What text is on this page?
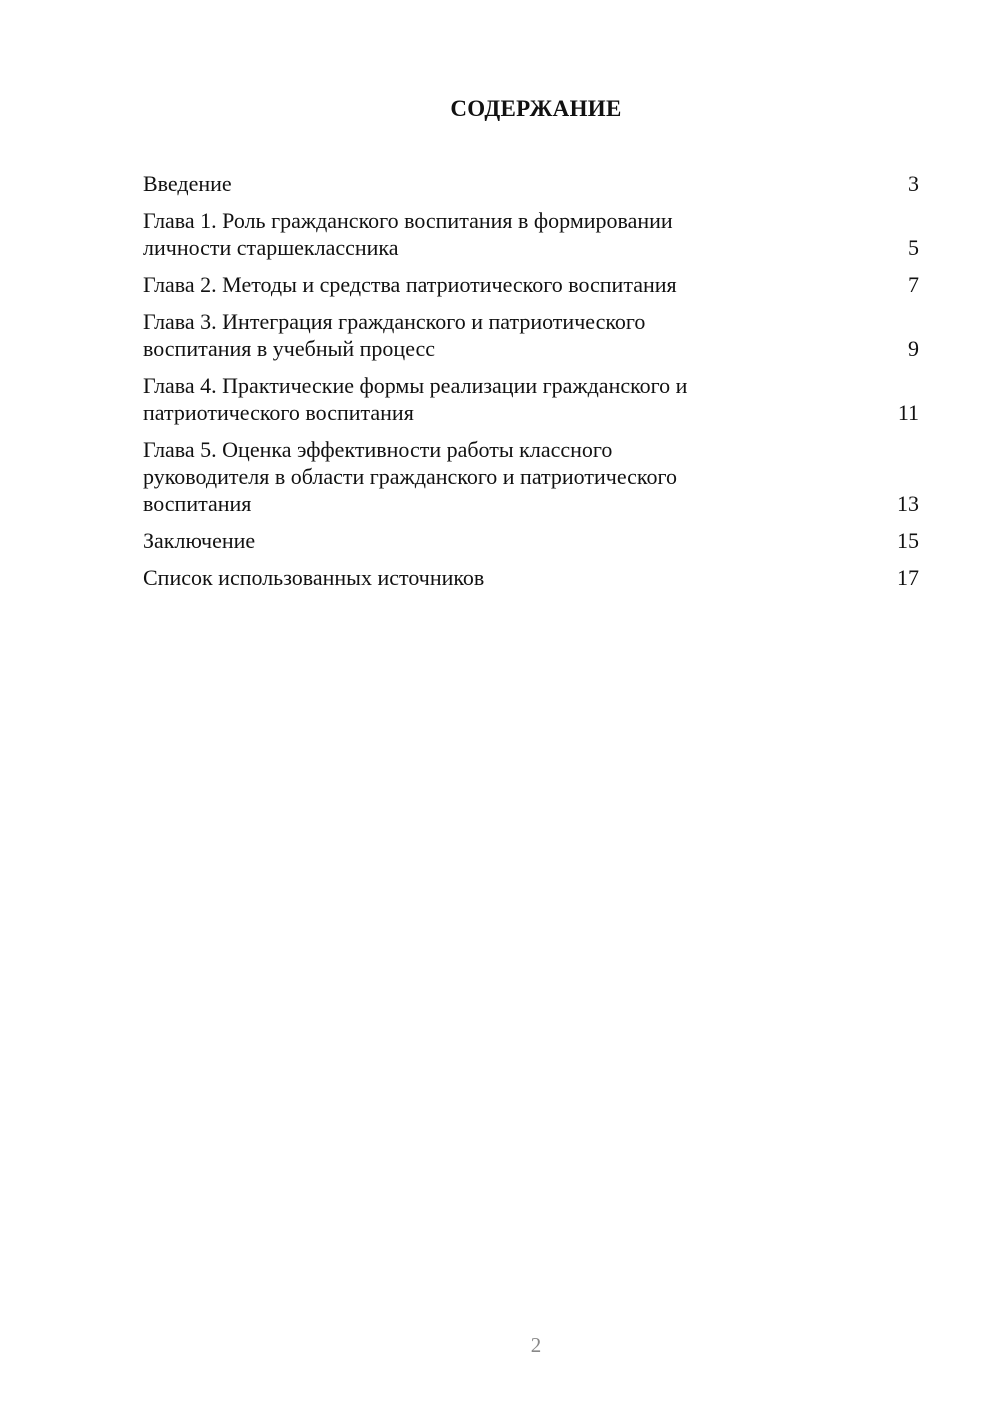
СОДЕРЖАНИЕ
Введение	3
Глава 1. Роль гражданского воспитания в формировании
личности старшеклассника	5
Глава 2. Методы и средства патриотического воспитания	7
Глава 3. Интеграция гражданского и патриотического
воспитания в учебный процесс	9
Глава 4. Практические формы реализации гражданского и
патриотического воспитания	11
Глава 5. Оценка эффективности работы классного
руководителя в области гражданского и патриотического
воспитания	13
Заключение	15
Список использованных источников	17
2
